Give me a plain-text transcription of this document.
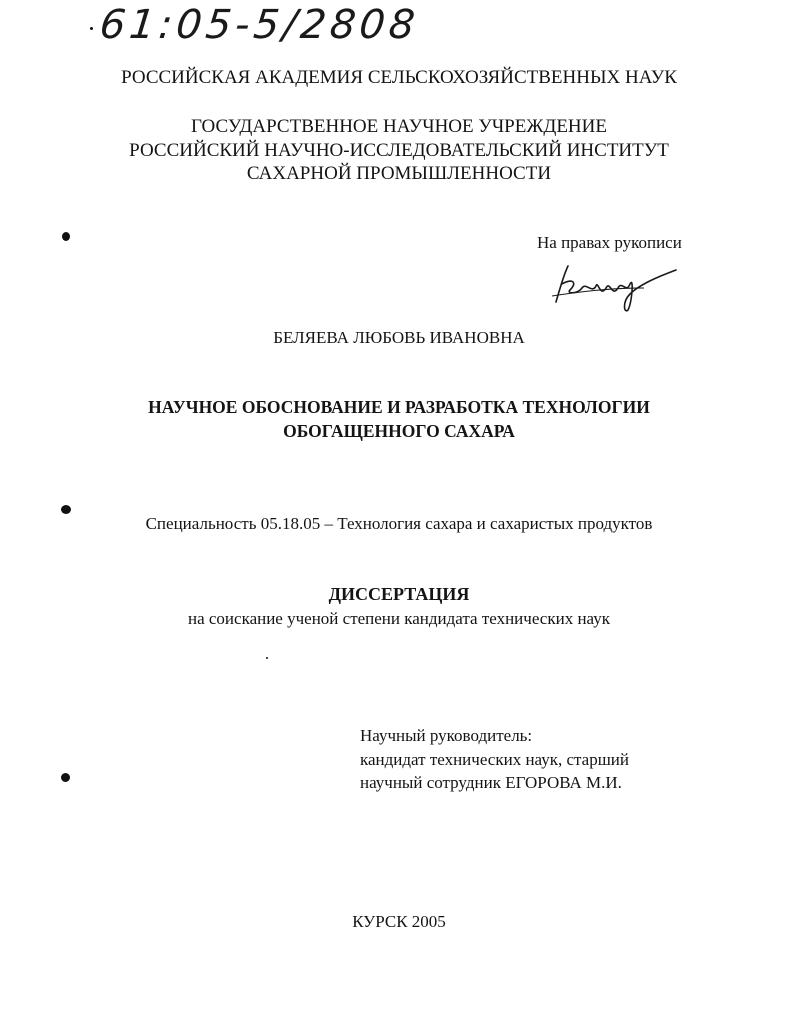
61:05-5/2808
РОССИЙСКАЯ АКАДЕМИЯ СЕЛЬСКОХОЗЯЙСТВЕННЫХ НАУК
ГОСУДАРСТВЕННОЕ НАУЧНОЕ УЧРЕЖДЕНИЕ
РОССИЙСКИЙ НАУЧНО-ИССЛЕДОВАТЕЛЬСКИЙ ИНСТИТУТ
САХАРНОЙ ПРОМЫШЛЕННОСТИ
На правах рукописи
БЕЛЯЕВА ЛЮБОВЬ ИВАНОВНА
НАУЧНОЕ ОБОСНОВАНИЕ И РАЗРАБОТКА ТЕХНОЛОГИИ
ОБОГАЩЕННОГО САХАРА
Специальность 05.18.05 – Технология сахара и сахаристых продуктов
ДИССЕРТАЦИЯ
на соискание ученой степени кандидата технических наук
Научный руководитель:
кандидат технических наук, старший
научный сотрудник ЕГОРОВА М.И.
КУРСК 2005
